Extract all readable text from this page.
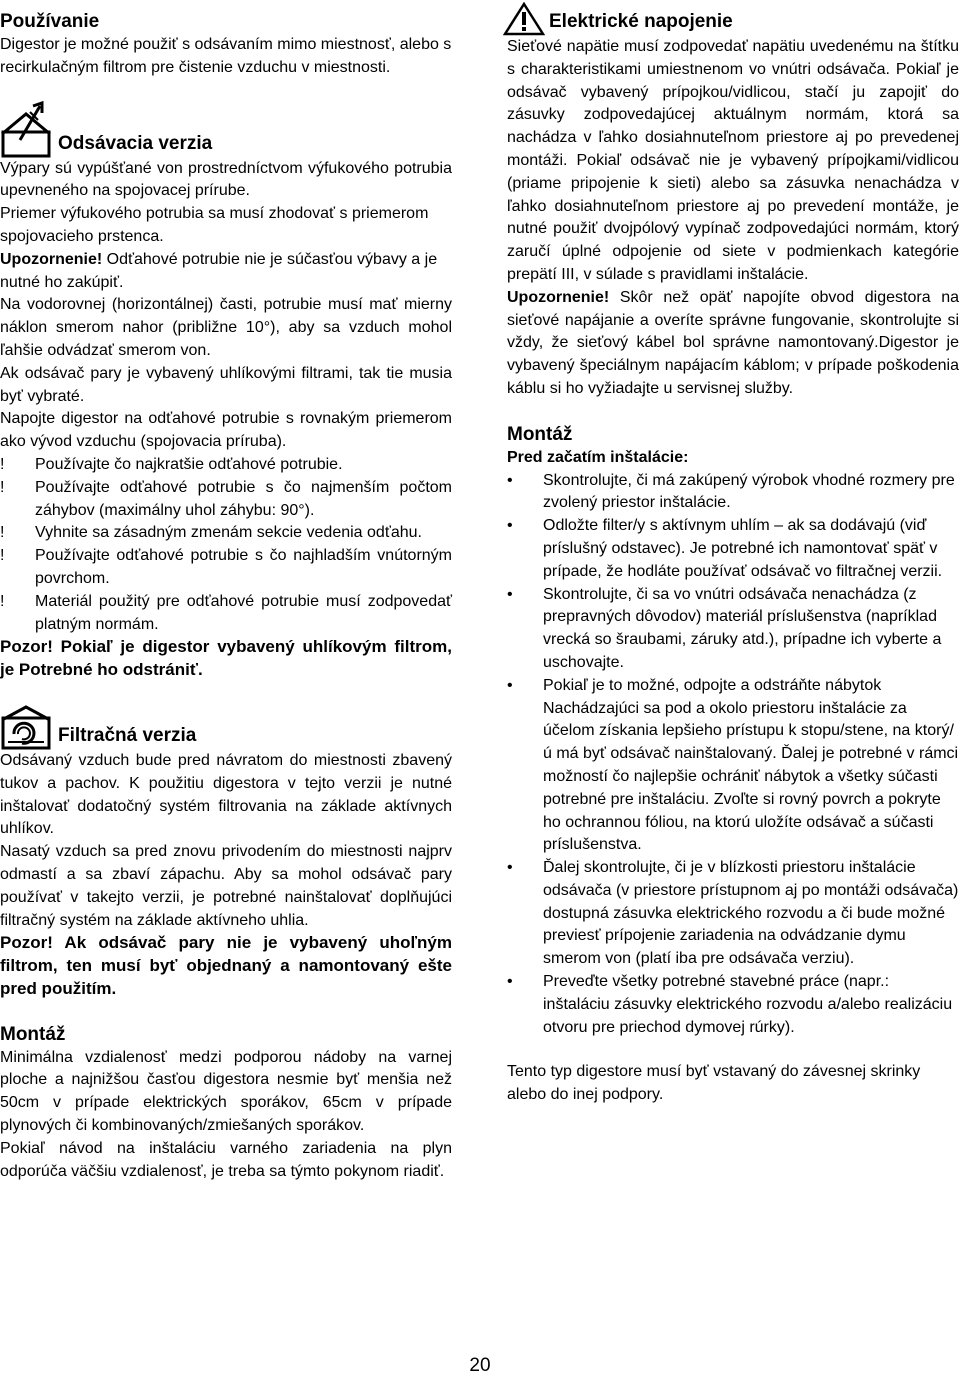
Používanie

Digestor je možné použiť s odsávaním mimo miestnosť, alebo s recirkulačným filtrom pre čistenie vzduchu v miestnosti.

Odsávacia verzia

Výpary sú vypúšťané von prostredníctvom výfukového potrubia upevneného na spojovacej prírube.

Priemer výfukového potrubia sa musí zhodovať s priemerom spojovacieho prstenca.

Upozornenie! Odťahové potrubie nie je súčasťou výbavy a je nutné ho zakúpiť.

Na vodorovnej (horizontálnej) časti, potrubie musí mať mierny náklon smerom nahor (približne 10°), aby sa vzduch mohol ľahšie odvádzať smerom von.

Ak odsávač pary je vybavený uhlíkovými filtrami, tak tie musia byť vybraté.

Napojte digestor na odťahové potrubie s rovnakým priemerom ako vývod vzduchu (spojovacia príruba).

!	Používajte čo najkratšie odťahové potrubie.
!	Používajte odťahové potrubie s čo najmenším počtom záhybov (maximálny uhol záhybu: 90°).
!	Vyhnite sa zásadným zmenám sekcie vedenia odťahu.
!	Používajte odťahové potrubie s čo najhladším vnútorným povrchom.
!	Materiál použitý pre odťahové potrubie musí zodpovedať platným normám.

Pozor! Pokiaľ je digestor vybavený uhlíkovým filtrom, je Potrebné ho odstrániť.

Filtračná verzia

Odsávaný vzduch bude pred návratom do miestnosti zbavený tukov a pachov. K použitiu digestora v tejto verzii je nutné inštalovať dodatočný systém filtrovania na základe aktívnych uhlíkov.

Nasatý vzduch sa pred znovu privodením do miestnosti najprv odmastí a sa zbaví zápachu. Aby sa mohol odsávač pary používať v takejto verzii, je potrebné nainštalovať doplňujúci filtračný systém na základe aktívneho uhlia.

Pozor! Ak odsávač pary nie je vybavený uhoľným filtrom, ten musí byť objednaný a namontovaný ešte pred použitím.

Montáž

Minimálna vzdialenosť medzi podporou nádoby na varnej ploche a najnižšou časťou digestora nesmie byť menšia než 50cm v prípade elektrických sporákov, 65cm v prípade plynových či kombinovaných/zmiešaných sporákov.

Pokiaľ návod na inštaláciu varného zariadenia na plyn odporúča väčšiu vzdialenosť, je treba sa týmto pokynom riadiť.

Elektrické napojenie

Sieťové napätie musí zodpovedať napätiu uvedenému na štítku s charakteristikami umiestnenom vo vnútri odsávača. Pokiaľ je odsávač vybavený prípojkou/vidlicou, stačí ju zapojiť do zásuvky zodpovedajúcej aktuálnym normám, ktorá sa nachádza v ľahko dosiahnuteľnom priestore aj po prevedenej montáži. Pokiaľ odsávač nie je vybavený prípojkami/vidlicou (priame pripojenie k sieti) alebo sa zásuvka nenachádza v ľahko dosiahnuteľnom priestore aj po prevedení montáže, je nutné použiť dvojpólový vypínač zodpovedajúci normám, ktorý zaručí úplné odpojenie od siete v podmienkach kategórie prepätí III, v súlade s pravidlami inštalácie.

Upozornenie! Skôr než opäť napojíte obvod digestora na sieťové napájanie a overíte správne fungovanie, skontrolujte si vždy, že sieťový kábel bol správne namontovaný.Digestor je vybavený špeciálnym napájacím káblom; v prípade poškodenia káblu si ho vyžiadajte u servisnej služby.

Montáž

Pred začatím inštalácie:

•	Skontrolujte, či má zakúpený výrobok vhodné rozmery pre zvolený priestor inštalácie.
•	Odložte filter/y s aktívnym uhlím – ak sa dodávajú (viď príslušný odstavec). Je potrebné ich namontovať späť v prípade, že hodláte používať odsávač vo filtračnej verzii.
•	Skontrolujte, či sa vo vnútri odsávača nenachádza (z prepravných dôvodov) materiál príslušenstva (napríklad vrecká so šraubami, záruky atd.), prípadne ich vyberte a uschovajte.
•	Pokiaľ je to možné, odpojte a odstráňte nábytok Nachádzajúci sa pod a okolo priestoru inštalácie za účelom získania lepšieho prístupu k stopu/stene, na ktorý/ú má byť odsávač nainštalovaný. Ďalej je potrebné v rámci možností čo najlepšie ochrániť nábytok a všetky súčasti potrebné pre inštaláciu. Zvoľte si rovný povrch a pokryte ho ochrannou fóliou, na ktorú uložíte odsávač a súčasti príslušenstva.
•	Ďalej skontrolujte, či je v blízkosti priestoru inštalácie odsávača (v priestore prístupnom aj po montáži odsávača) dostupná zásuvka elektrického rozvodu a či bude možné previesť prípojenie zariadenia na odvádzanie dymu smerom von (platí iba pre odsávača verziu).
•	Preveďte všetky potrebné stavebné práce (napr.: inštaláciu zásuvky elektrického rozvodu a/alebo realizáciu otvoru pre priechod dymovej rúrky).

Tento typ digestore musí byť vstavaný do závesnej skrinky alebo do inej podpory.

20
